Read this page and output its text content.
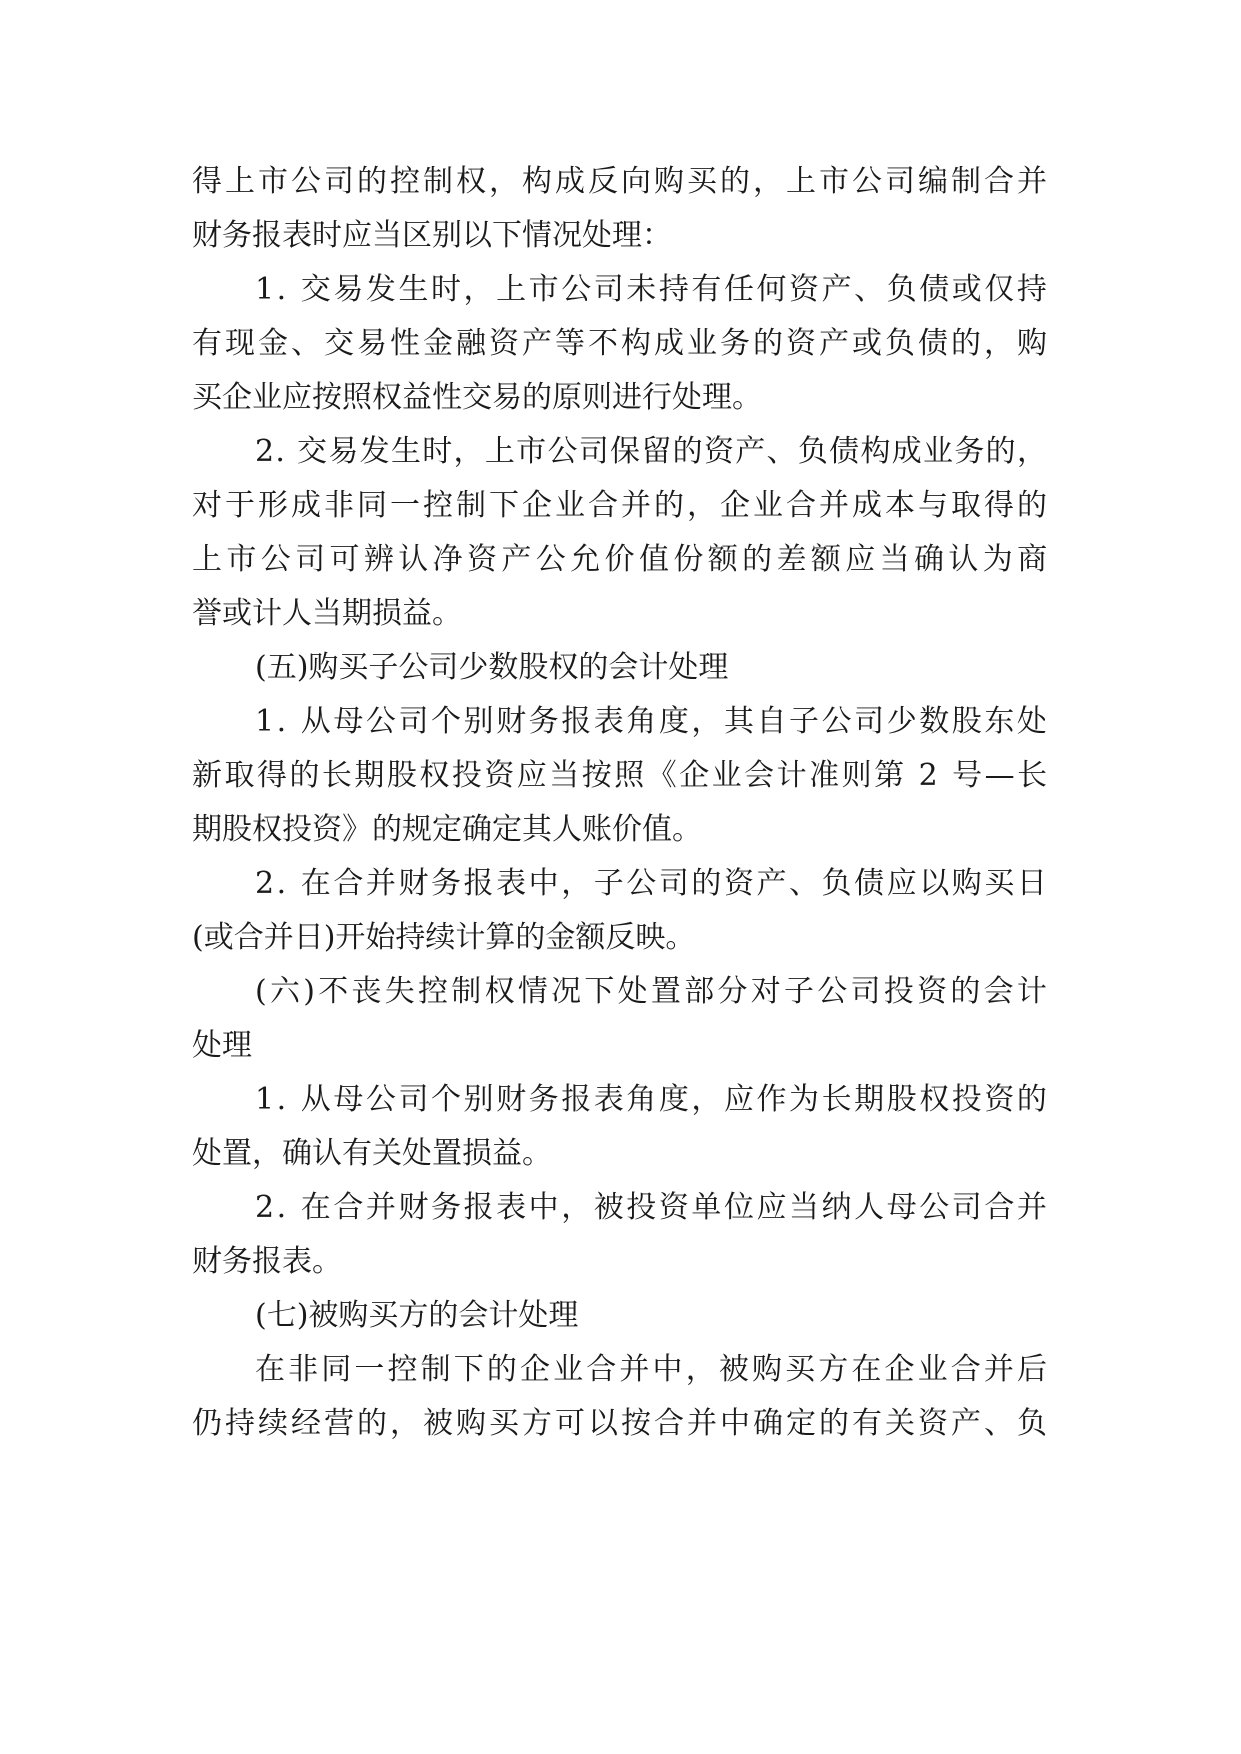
得上市公司的控制权，构成反向购买的，上市公司编制合并
财务报表时应当区别以下情况处理：
1. 交易发生时，上市公司未持有任何资产、负债或仅持
有现金、交易性金融资产等不构成业务的资产或负债的，购
买企业应按照权益性交易的原则进行处理。
2. 交易发生时，上市公司保留的资产、负债构成业务的，
对于形成非同一控制下企业合并的，企业合并成本与取得的
上市公司可辨认净资产公允价值份额的差额应当确认为商
誉或计人当期损益。
(五)购买子公司少数股权的会计处理
1. 从母公司个别财务报表角度，其自子公司少数股东处
新取得的长期股权投资应当按照《企业会计准则第 2 号—长
期股权投资》的规定确定其人账价值。
2. 在合并财务报表中，子公司的资产、负债应以购买日
(或合并日)开始持续计算的金额反映。
(六)不丧失控制权情况下处置部分对子公司投资的会计
处理
1. 从母公司个别财务报表角度，应作为长期股权投资的
处置，确认有关处置损益。
2. 在合并财务报表中，被投资单位应当纳人母公司合并
财务报表。
(七)被购买方的会计处理
在非同一控制下的企业合并中，被购买方在企业合并后
仍持续经营的，被购买方可以按合并中确定的有关资产、负
